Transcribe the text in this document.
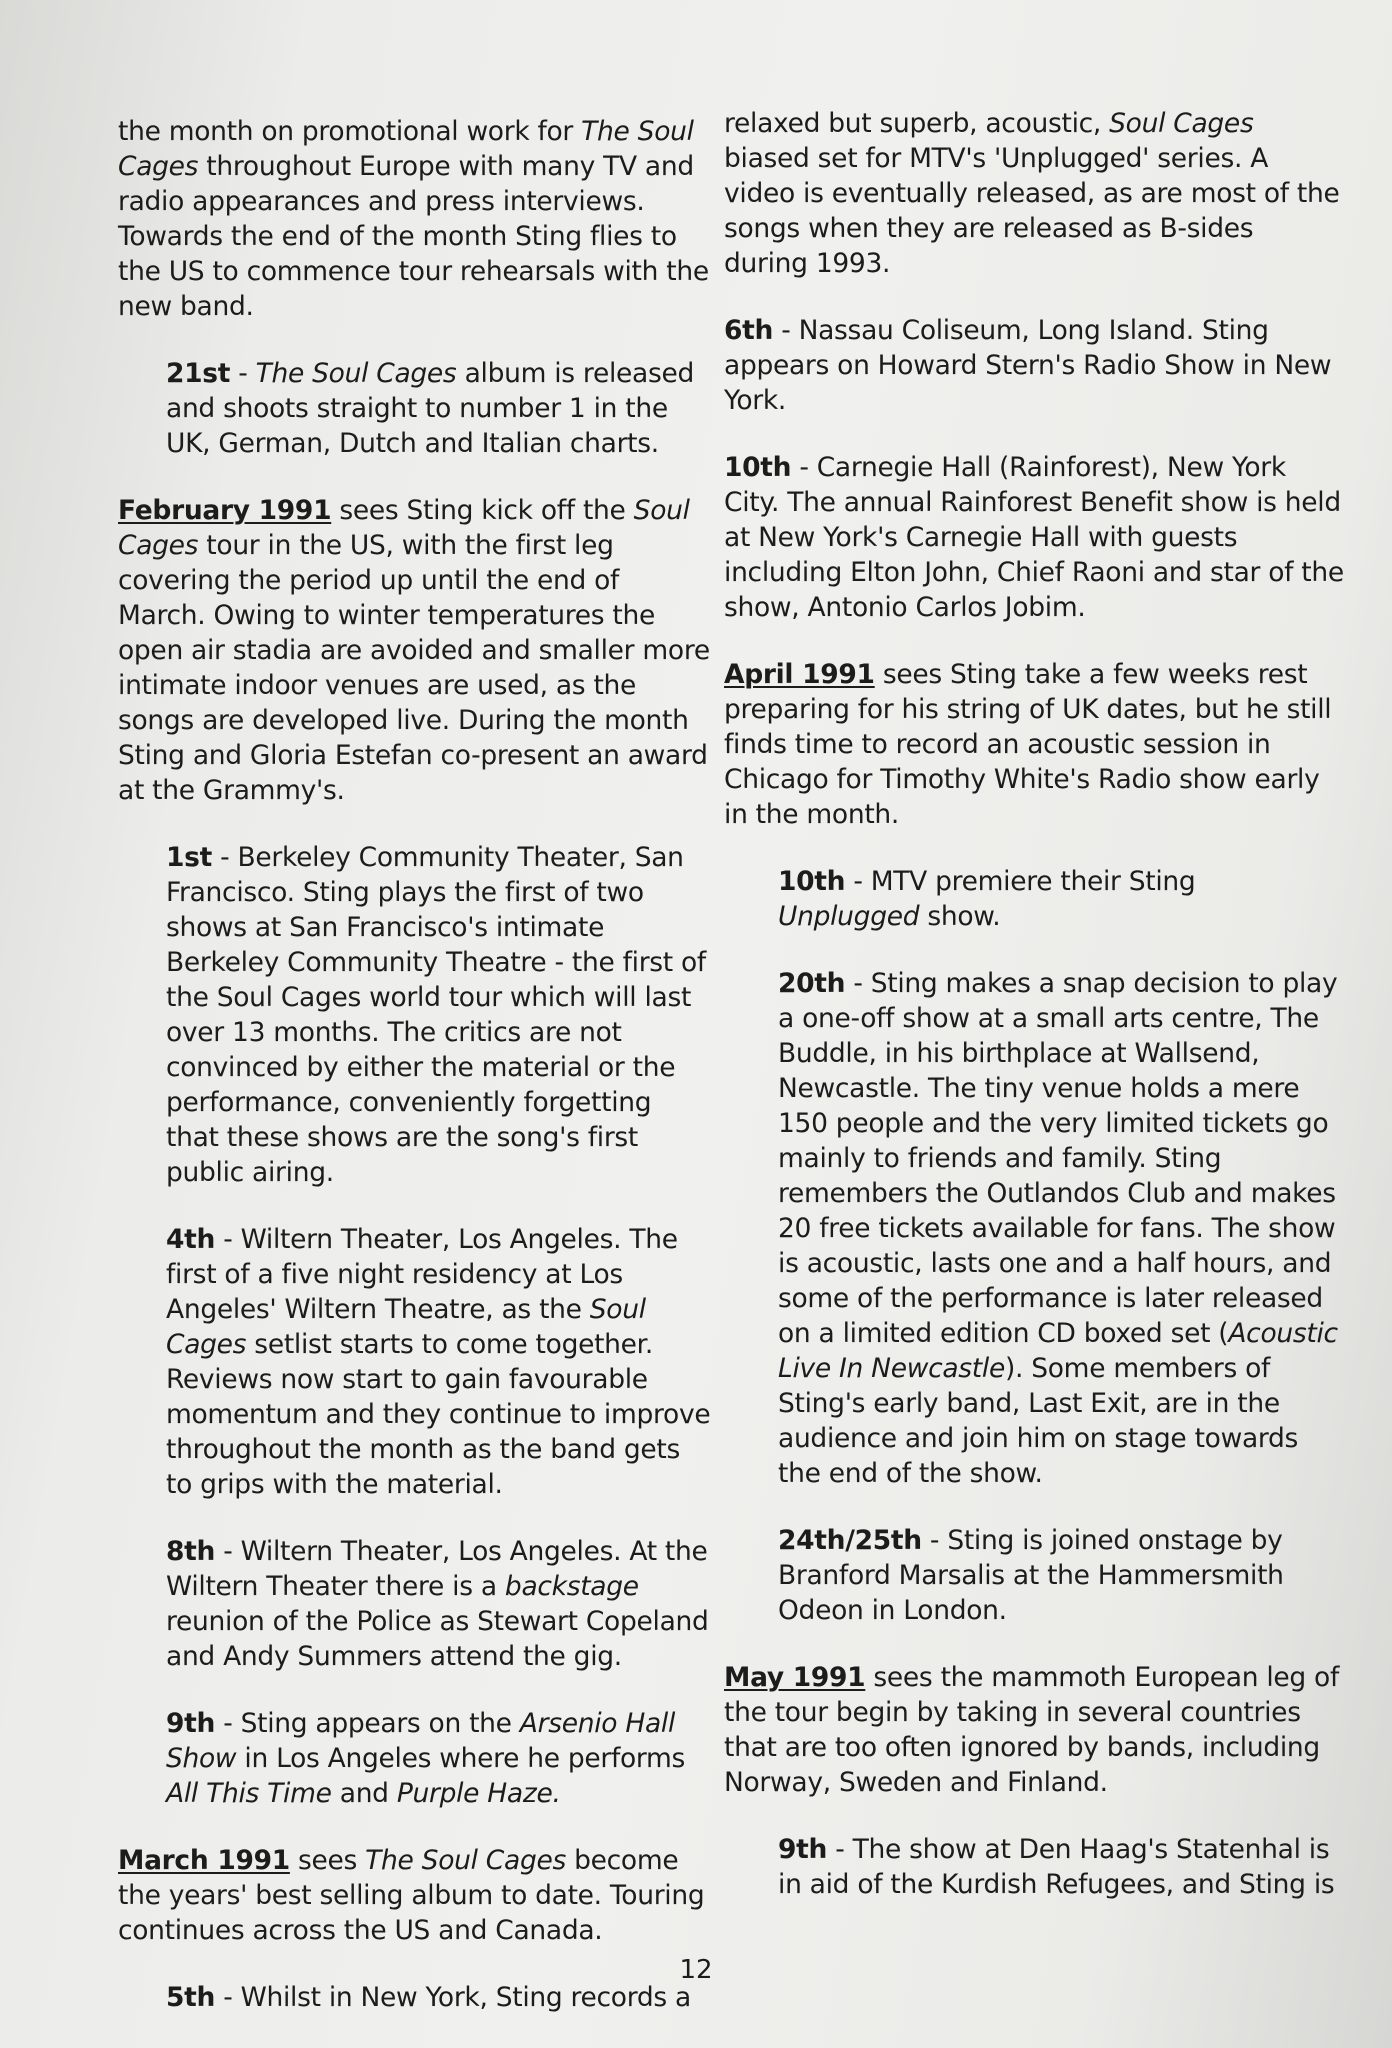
the month on promotional work for The Soul Cages throughout Europe with many TV and radio appearances and press interviews. Towards the end of the month Sting flies to the US to commence tour rehearsals with the new band.

21st - The Soul Cages album is released and shoots straight to number 1 in the UK, German, Dutch and Italian charts.

February 1991 sees Sting kick off the Soul Cages tour in the US, with the first leg covering the period up until the end of March. Owing to winter temperatures the open air stadia are avoided and smaller more intimate indoor venues are used, as the songs are developed live. During the month Sting and Gloria Estefan co-present an award at the Grammy's.

1st - Berkeley Community Theater, San Francisco. Sting plays the first of two shows at San Francisco's intimate Berkeley Community Theatre - the first of the Soul Cages world tour which will last over 13 months. The critics are not convinced by either the material or the performance, conveniently forgetting that these shows are the song's first public airing.

4th - Wiltern Theater, Los Angeles. The first of a five night residency at Los Angeles' Wiltern Theatre, as the Soul Cages setlist starts to come together. Reviews now start to gain favourable momentum and they continue to improve throughout the month as the band gets to grips with the material.

8th - Wiltern Theater, Los Angeles. At the Wiltern Theater there is a backstage reunion of the Police as Stewart Copeland and Andy Summers attend the gig.

9th - Sting appears on the Arsenio Hall Show in Los Angeles where he performs All This Time and Purple Haze.

March 1991 sees The Soul Cages become the years' best selling album to date. Touring continues across the US and Canada.

5th - Whilst in New York, Sting records a

relaxed but superb, acoustic, Soul Cages biased set for MTV's 'Unplugged' series. A video is eventually released, as are most of the songs when they are released as B-sides during 1993.

6th - Nassau Coliseum, Long Island. Sting appears on Howard Stern's Radio Show in New York.

10th - Carnegie Hall (Rainforest), New York City. The annual Rainforest Benefit show is held at New York's Carnegie Hall with guests including Elton John, Chief Raoni and star of the show, Antonio Carlos Jobim.

April 1991 sees Sting take a few weeks rest preparing for his string of UK dates, but he still finds time to record an acoustic session in Chicago for Timothy White's Radio show early in the month.

10th - MTV premiere their Sting Unplugged show.

20th - Sting makes a snap decision to play a one-off show at a small arts centre, The Buddle, in his birthplace at Wallsend, Newcastle. The tiny venue holds a mere 150 people and the very limited tickets go mainly to friends and family. Sting remembers the Outlandos Club and makes 20 free tickets available for fans. The show is acoustic, lasts one and a half hours, and some of the performance is later released on a limited edition CD boxed set (Acoustic Live In Newcastle). Some members of Sting's early band, Last Exit, are in the audience and join him on stage towards the end of the show.

24th/25th - Sting is joined onstage by Branford Marsalis at the Hammersmith Odeon in London.

May 1991 sees the mammoth European leg of the tour begin by taking in several countries that are too often ignored by bands, including Norway, Sweden and Finland.

9th - The show at Den Haag's Statenhal is in aid of the Kurdish Refugees, and Sting is

12
